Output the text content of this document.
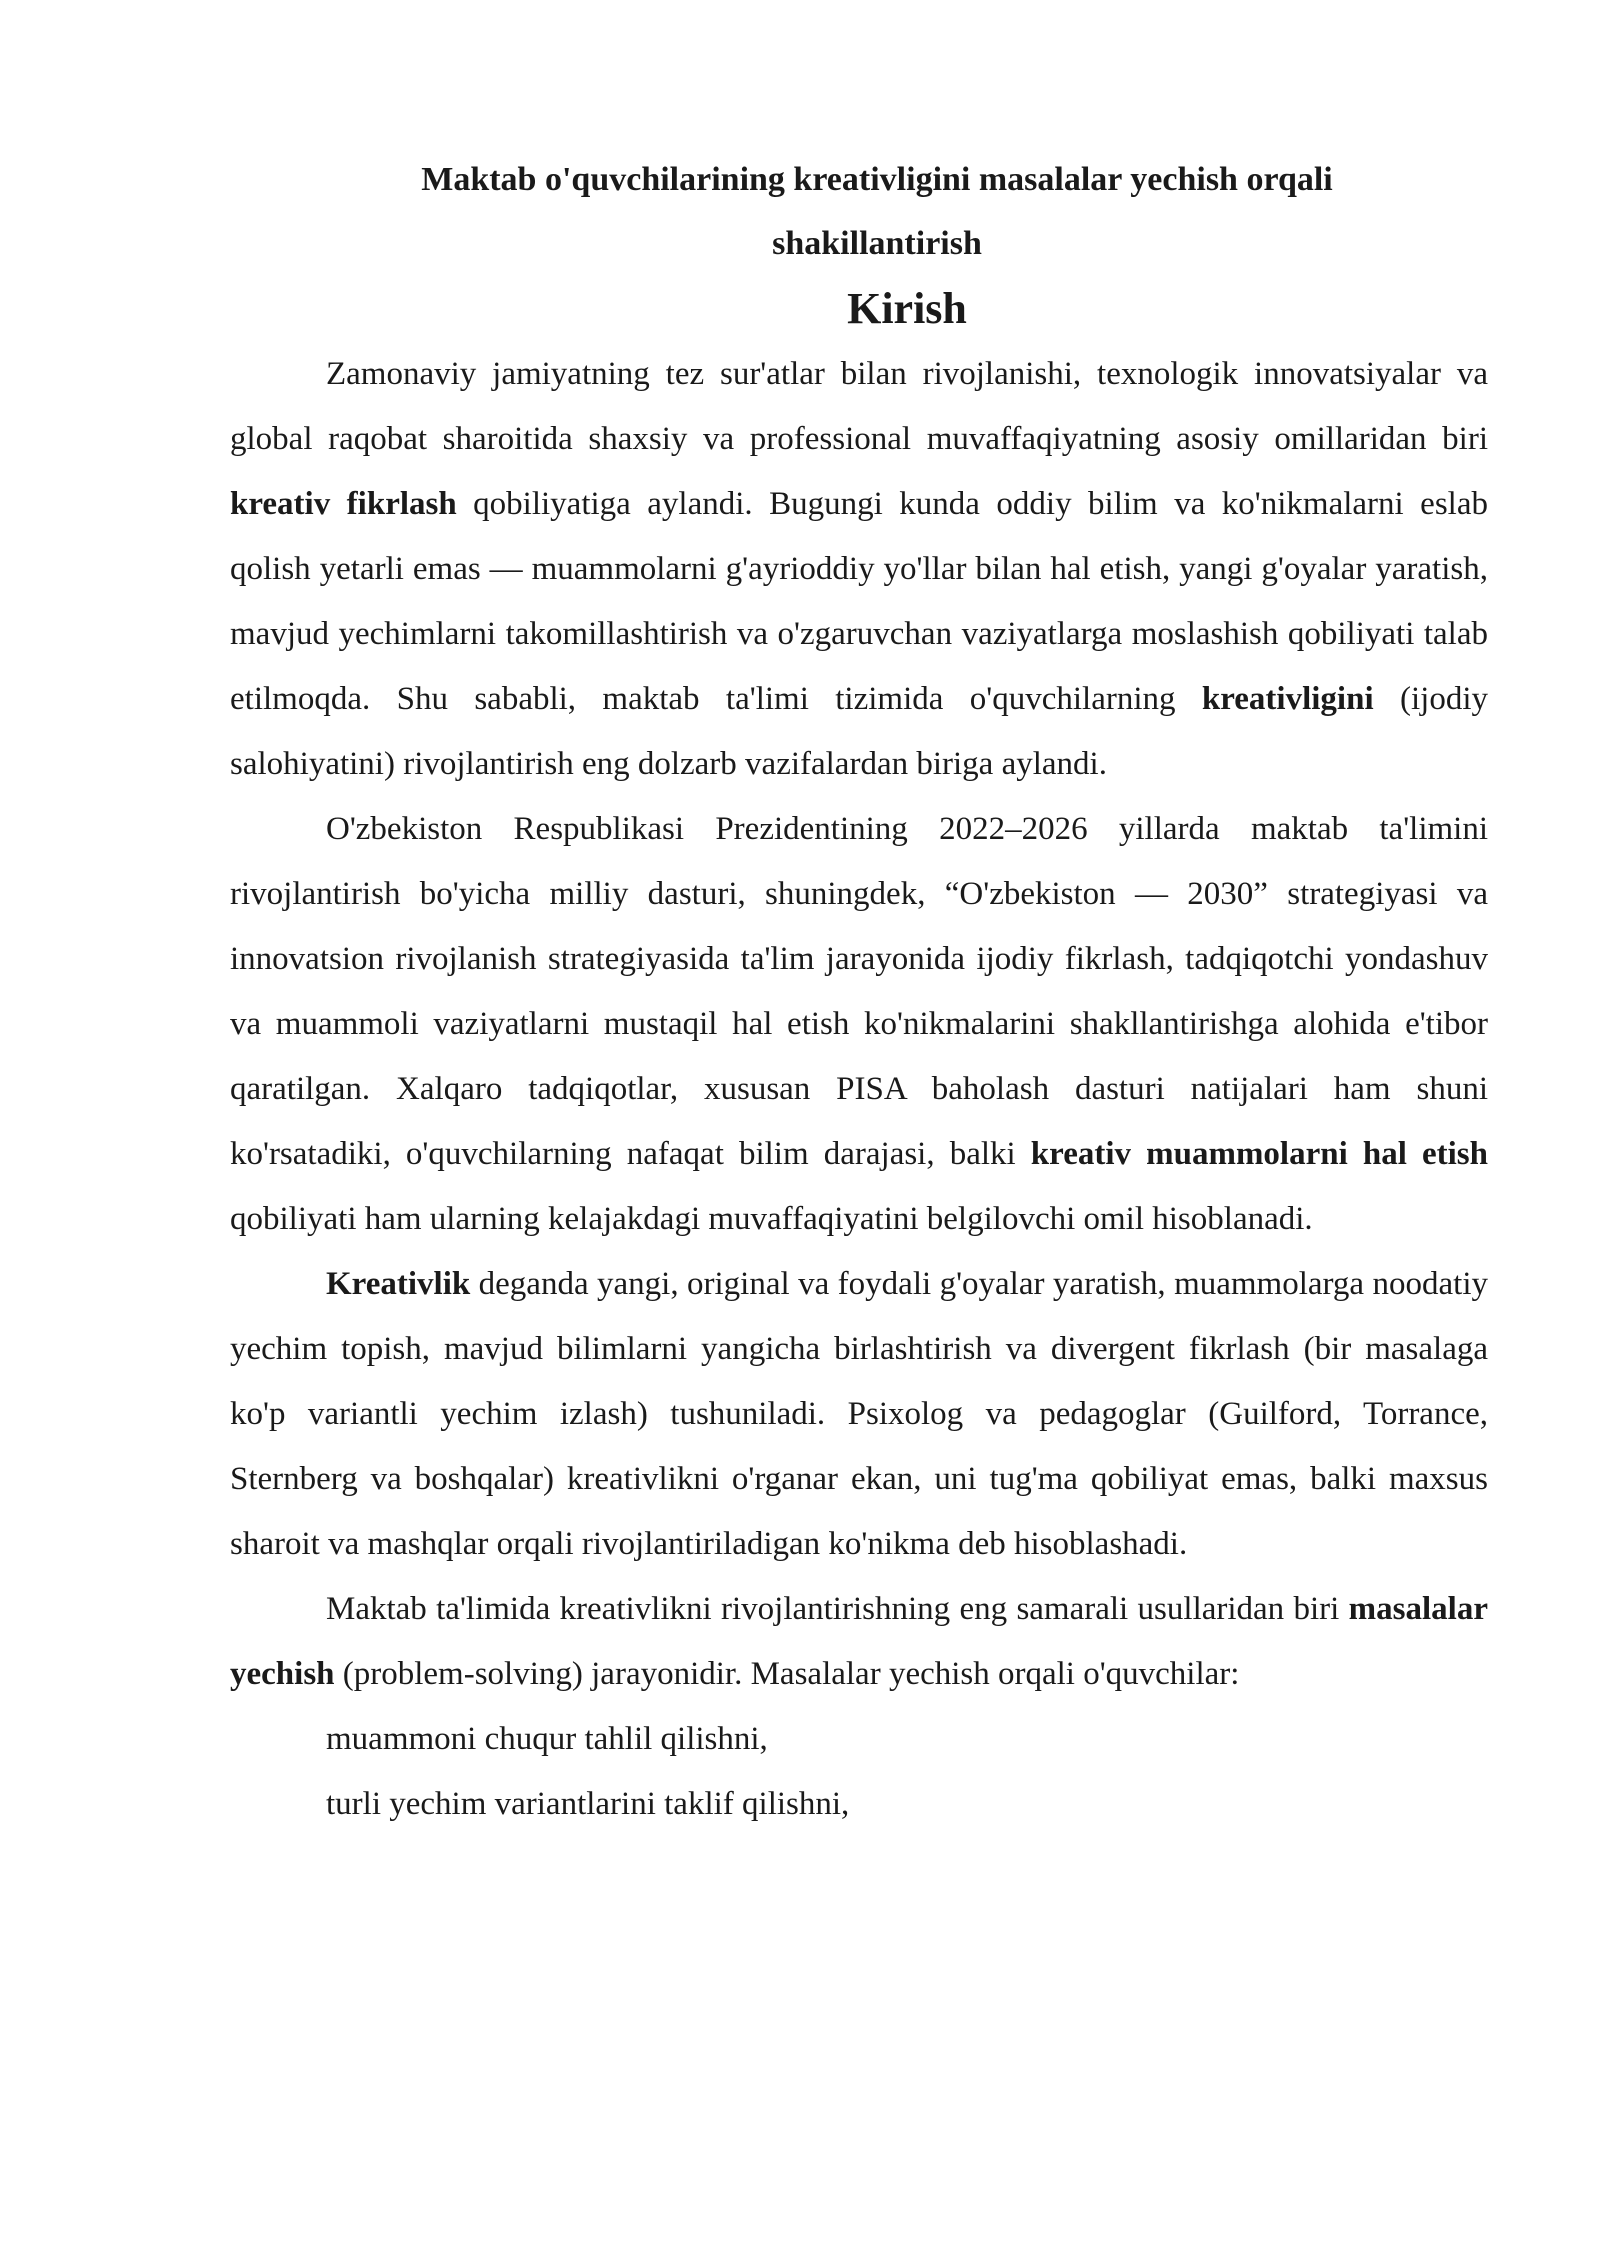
Maktab o'quvchilarining kreativligini masalalar yechish orqali shakillantirish
Kirish

Zamonaviy jamiyatning tez sur'atlar bilan rivojlanishi, texnologik innovatsiyalar va global raqobat sharoitida shaxsiy va professional muvaffaqiyatning asosiy omillaridan biri kreativ fikrlash qobiliyatiga aylandi. Bugungi kunda oddiy bilim va ko'nikmalarni eslab qolish yetarli emas — muammolarni g'ayrioddiy yo'llar bilan hal etish, yangi g'oyalar yaratish, mavjud yechimlarni takomillashtirish va o'zgaruvchan vaziyatlarga moslashish qobiliyati talab etilmoqda. Shu sababli, maktab ta'limi tizimida o'quvchilarning kreativligini (ijodiy salohiyatini) rivojlantirish eng dolzarb vazifalardan biriga aylandi.

O'zbekiston Respublikasi Prezidentining 2022–2026 yillarda maktab ta'limini rivojlantirish bo'yicha milliy dasturi, shuningdek, “O'zbekiston — 2030” strategiyasi va innovatsion rivojlanish strategiyasida ta'lim jarayonida ijodiy fikrlash, tadqiqotchi yondashuv va muammoli vaziyatlarni mustaqil hal etish ko'nikmalarini shakllantirishga alohida e'tibor qaratilgan. Xalqaro tadqiqotlar, xususan PISA baholash dasturi natijalari ham shuni ko'rsatadiki, o'quvchilarning nafaqat bilim darajasi, balki kreativ muammolarni hal etish qobiliyati ham ularning kelajakdagi muvaffaqiyatini belgilovchi omil hisoblanadi.

Kreativlik deganda yangi, original va foydali g'oyalar yaratish, muammolarga noodatiy yechim topish, mavjud bilimlarni yangicha birlashtirish va divergent fikrlash (bir masalaga ko'p variantli yechim izlash) tushuniladi. Psixolog va pedagoglar (Guilford, Torrance, Sternberg va boshqalar) kreativlikni o'rganar ekan, uni tug'ma qobiliyat emas, balki maxsus sharoit va mashqlar orqali rivojlantiriladigan ko'nikma deb hisoblashadi.

Maktab ta'limida kreativlikni rivojlantirishning eng samarali usullaridan biri masalalar yechish (problem-solving) jarayonidir. Masalalar yechish orqali o'quvchilar:

muammoni chuqur tahlil qilishni,
turli yechim variantlarini taklif qilishni,
